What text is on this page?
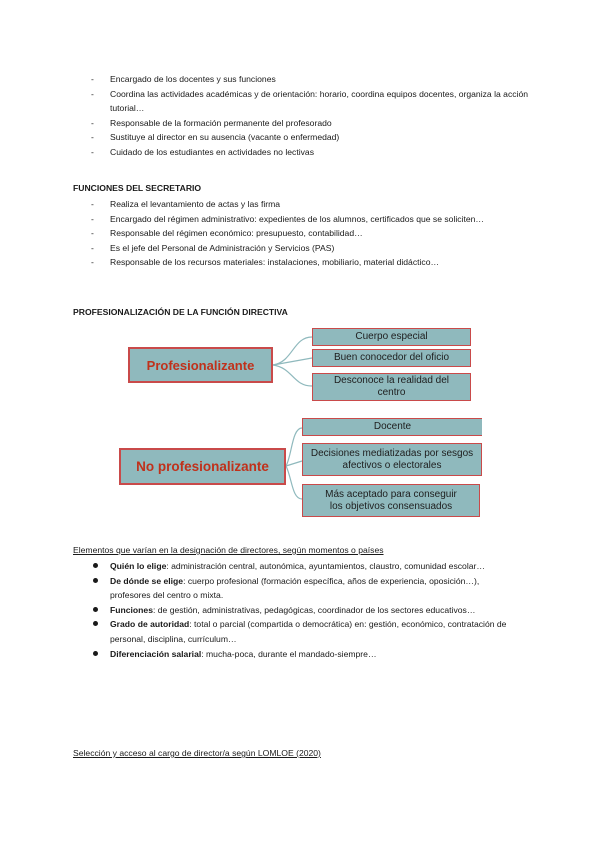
- Encargado de los docentes y sus funciones
- Coordina las actividades académicas y de orientación: horario, coordina equipos docentes, organiza la acción tutorial…
- Responsable de la formación permanente del profesorado
- Sustituye al director en su ausencia (vacante o enfermedad)
- Cuidado de los estudiantes en actividades no lectivas
FUNCIONES DEL SECRETARIO
- Realiza el levantamiento de actas y las firma
- Encargado del régimen administrativo: expedientes de los alumnos, certificados que se soliciten…
- Responsable del régimen económico: presupuesto, contabilidad…
- Es el jefe del Personal de Administración y Servicios (PAS)
- Responsable de los recursos materiales: instalaciones, mobiliario, material didáctico…
PROFESIONALIZACIÓN DE LA FUNCIÓN DIRECTIVA
Profesionalizante
Cuerpo especial
Buen conocedor del oficio
Desconoce la realidad del centro
No profesionalizante
Docente
Decisiones mediatizadas por sesgos afectivos o electorales
Más aceptado para conseguir los objetivos consensuados
Elementos que varían en la designación de directores, según momentos o países
Quién lo elige: administración central, autonómica, ayuntamientos, claustro, comunidad escolar…
De dónde se elige: cuerpo profesional (formación específica, años de experiencia, oposición…), profesores del centro o mixta.
Funciones: de gestión, administrativas, pedagógicas, coordinador de los sectores educativos…
Grado de autoridad: total o parcial (compartida o democrática) en: gestión, económico, contratación de personal, disciplina, currículum…
Diferenciación salarial: mucha-poca, durante el mandado-siempre…
Selección y acceso al cargo de director/a según LOMLOE (2020)
